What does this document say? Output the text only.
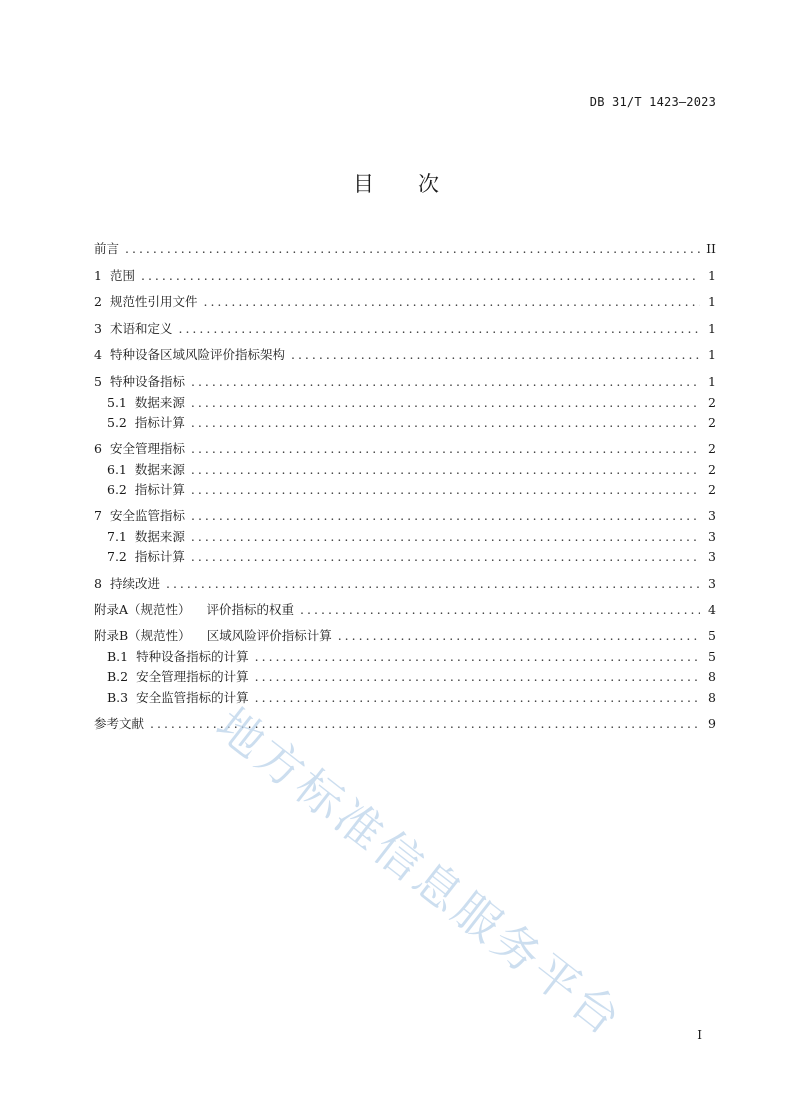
DB 31/T 1423—2023
目 次
前言 .....	II
1 范围 .....	1
2 规范性引用文件 .....	1
3 术语和定义 .....	1
4 特种设备区域风险评价指标架构 .....	1
5 特种设备指标 .....	1
5.1 数据来源 .....	2
5.2 指标计算 .....	2
6 安全管理指标 .....	2
6.1 数据来源 .....	2
6.2 指标计算 .....	2
7 安全监管指标 .....	3
7.1 数据来源 .....	3
7.2 指标计算 .....	3
8 持续改进 .....	3
附录A（规范性） 评价指标的权重 .....	4
附录B（规范性） 区域风险评价指标计算 .....	5
B.1 特种设备指标的计算 .....	5
B.2 安全管理指标的计算 .....	8
B.3 安全监管指标的计算 .....	8
参考文献 .....	9
地方标准信息服务平台	I
